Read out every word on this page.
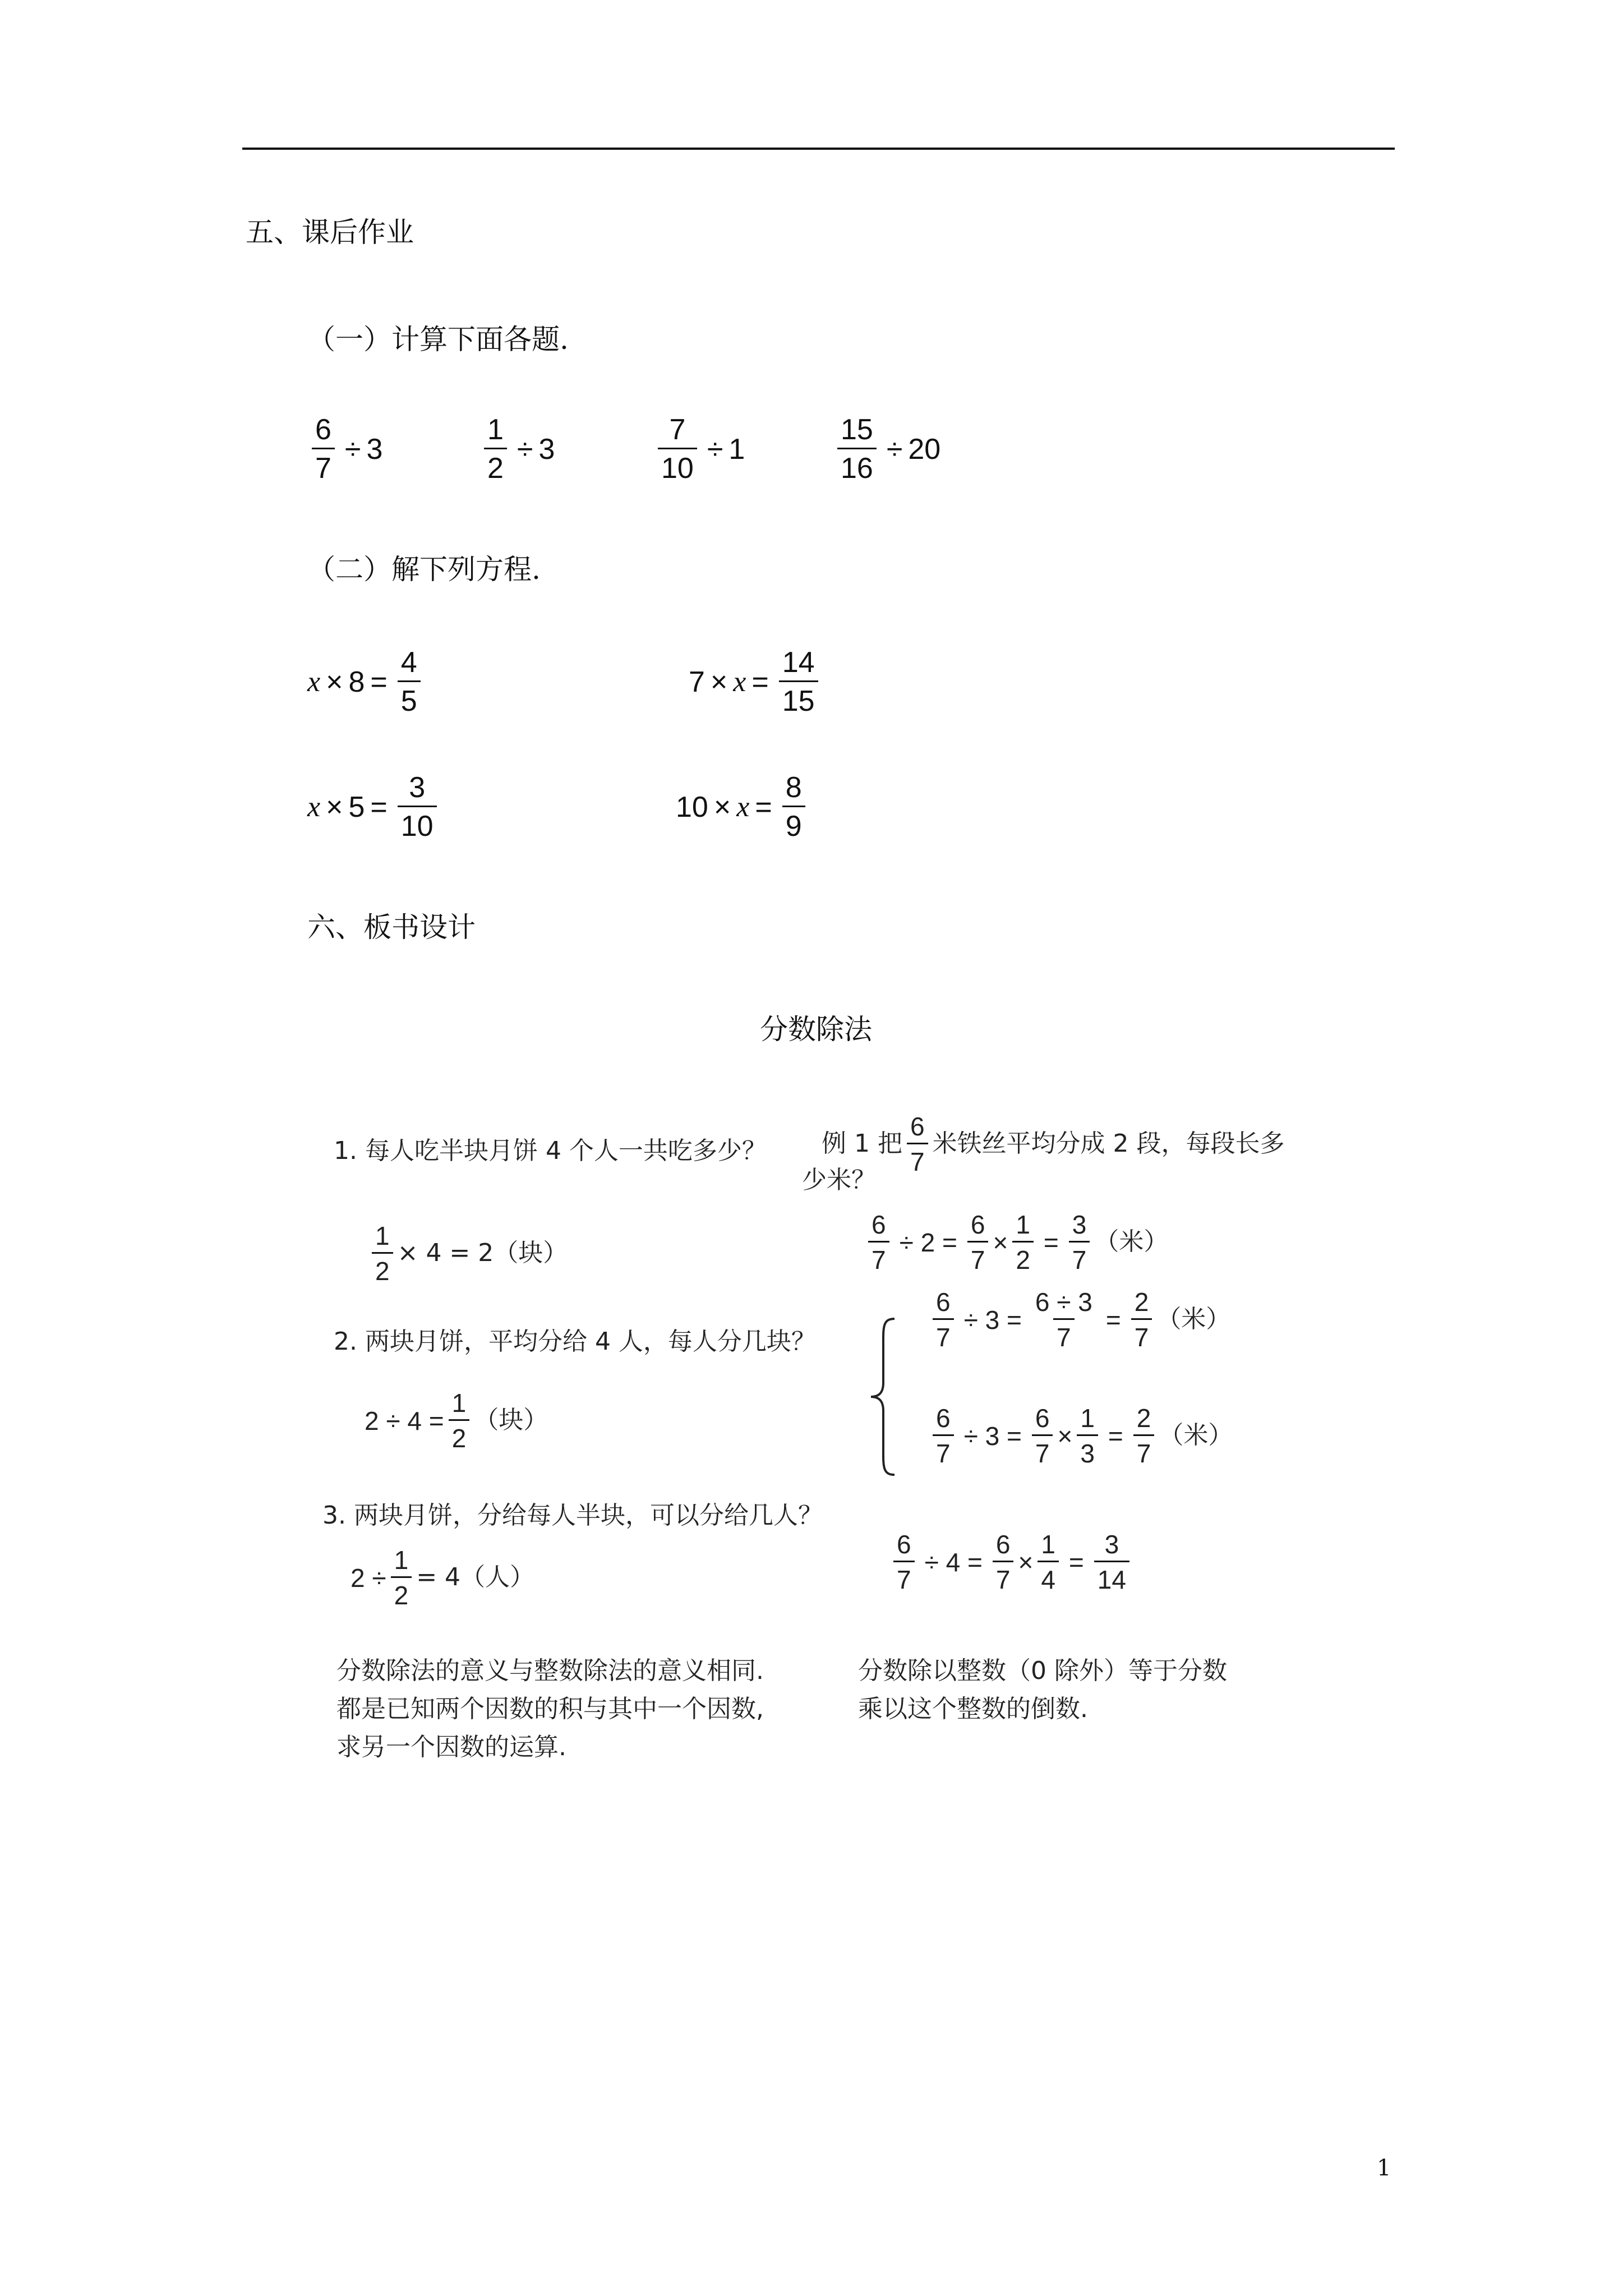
五、课后作业
（一）计算下面各题.
$\frac{6}{7} \div 3$	$\frac{1}{2} \div 3$	$\frac{7}{10} \div 1$	$\frac{15}{16} \div 20$
（二）解下列方程.
$x \times 8 = \frac{4}{5}$	$7 \times x = \frac{14}{15}$
$x \times 5 = \frac{3}{10}$	$10 \times x = \frac{8}{9}$
六、板书设计
分数除法
1. 每人吃半块月饼 4 个人一共吃多少？
$\frac{1}{2} \times 4 = 2$（块）
2. 两块月饼，平均分给 4 人，每人分几块？
$2 \div 4 = \frac{1}{2}$ （块）
3. 两块月饼，分给每人半块，可以分给几人？
$2 \div \frac{1}{2} = 4$（人）
例 1 把 $\frac{6}{7}$ 米铁丝平均分成 2 段，每段长多
少米？
$\frac{6}{7} \div 2 = \frac{6}{7} \times \frac{1}{2} = \frac{3}{7}$ （米）
$\frac{6}{7} \div 3 = \frac{6 \div 3}{7} = \frac{2}{7}$ （米）
$\frac{6}{7} \div 3 = \frac{6}{7} \times \frac{1}{3} = \frac{2}{7}$ （米）
$\frac{6}{7} \div 4 = \frac{6}{7} \times \frac{1}{4} = \frac{3}{14}$
分数除法的意义与整数除法的意义相同.
都是已知两个因数的积与其中一个因数,
求另一个因数的运算.
分数除以整数（0 除外）等于分数
乘以这个整数的倒数.
1
